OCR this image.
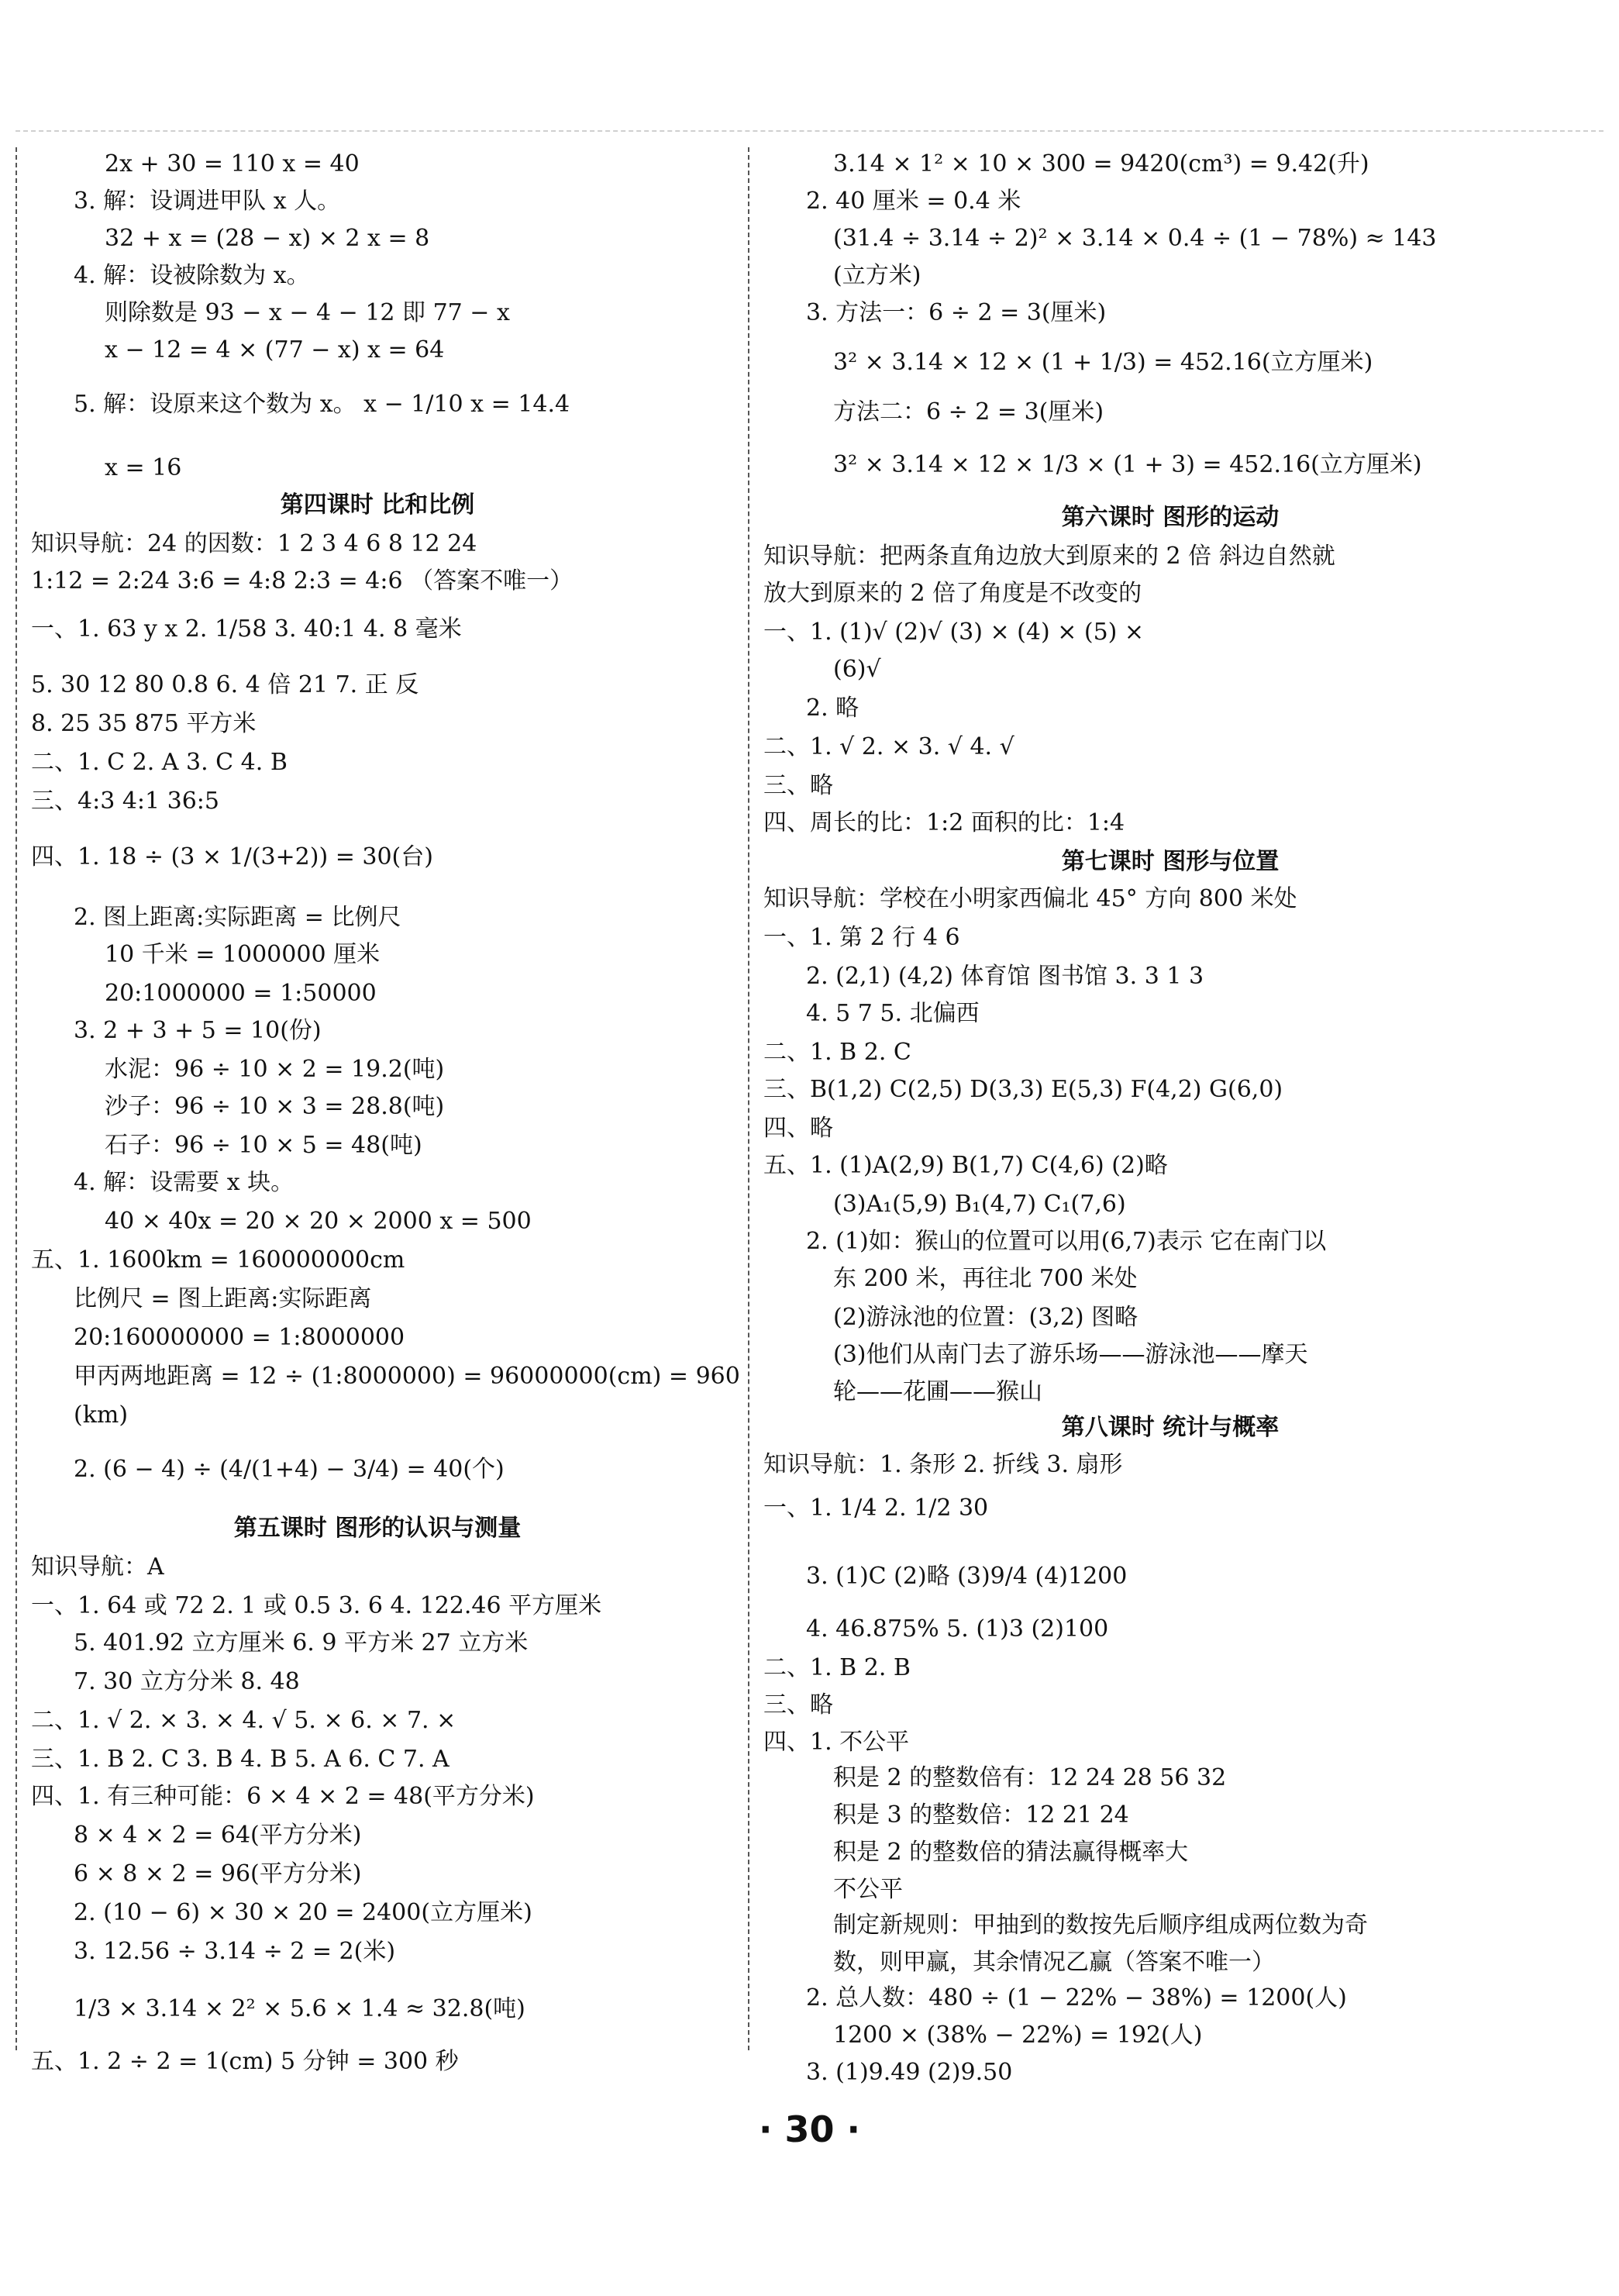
2x + 30 = 110 x = 40
3. 解：设调进甲队 x 人。
32 + x = (28 − x) × 2 x = 8
4. 解：设被除数为 x。
则除数是 93 − x − 4 − 12 即 77 − x
x − 12 = 4 × (77 − x) x = 64
5. 解：设原来这个数为 x。 x − 1/10 x = 14.4
x = 16
第四课时 比和比例
知识导航：24 的因数：1 2 3 4 6 8 12 24
1:12 = 2:24 3:6 = 4:8 2:3 = 4:6 （答案不唯一）
一、1. 63 y x 2. 1/58 3. 40:1 4. 8 毫米
5. 30 12 80 0.8 6. 4 倍 21 7. 正 反
8. 25 35 875 平方米
二、1. C 2. A 3. C 4. B
三、4:3 4:1 36:5
四、1. 18 ÷ (3 × 1/(3+2)) = 30(台)
2. 图上距离:实际距离 = 比例尺
10 千米 = 1000000 厘米
20:1000000 = 1:50000
3. 2 + 3 + 5 = 10(份)
水泥：96 ÷ 10 × 2 = 19.2(吨)
沙子：96 ÷ 10 × 3 = 28.8(吨)
石子：96 ÷ 10 × 5 = 48(吨)
4. 解：设需要 x 块。
40 × 40x = 20 × 20 × 2000 x = 500
五、1. 1600km = 160000000cm
比例尺 = 图上距离:实际距离
20:160000000 = 1:8000000
甲丙两地距离 = 12 ÷ (1:8000000) = 96000000(cm) = 960
(km)
2. (6 − 4) ÷ (4/(1+4) − 3/4) = 40(个)
第五课时 图形的认识与测量
知识导航：A
一、1. 64 或 72 2. 1 或 0.5 3. 6 4. 122.46 平方厘米
5. 401.92 立方厘米 6. 9 平方米 27 立方米
7. 30 立方分米 8. 48
二、1. √ 2. × 3. × 4. √ 5. × 6. × 7. ×
三、1. B 2. C 3. B 4. B 5. A 6. C 7. A
四、1. 有三种可能：6 × 4 × 2 = 48(平方分米)
8 × 4 × 2 = 64(平方分米)
6 × 8 × 2 = 96(平方分米)
2. (10 − 6) × 30 × 20 = 2400(立方厘米)
3. 12.56 ÷ 3.14 ÷ 2 = 2(米)
1/3 × 3.14 × 2² × 5.6 × 1.4 ≈ 32.8(吨)
五、1. 2 ÷ 2 = 1(cm) 5 分钟 = 300 秒
3.14 × 1² × 10 × 300 = 9420(cm³) = 9.42(升)
2. 40 厘米 = 0.4 米
(31.4 ÷ 3.14 ÷ 2)² × 3.14 × 0.4 ÷ (1 − 78%) ≈ 143
(立方米)
3. 方法一：6 ÷ 2 = 3(厘米)
3² × 3.14 × 12 × (1 + 1/3) = 452.16(立方厘米)
方法二：6 ÷ 2 = 3(厘米)
3² × 3.14 × 12 × 1/3 × (1 + 3) = 452.16(立方厘米)
第六课时 图形的运动
知识导航：把两条直角边放大到原来的 2 倍 斜边自然就
放大到原来的 2 倍了角度是不改变的
一、1. (1)√ (2)√ (3) × (4) × (5) ×
(6)√
2. 略
二、1. √ 2. × 3. √ 4. √
三、略
四、周长的比：1:2 面积的比：1:4
第七课时 图形与位置
知识导航：学校在小明家西偏北 45° 方向 800 米处
一、1. 第 2 行 4 6
2. (2,1) (4,2) 体育馆 图书馆 3. 3 1 3
4. 5 7 5. 北偏西
二、1. B 2. C
三、B(1,2) C(2,5) D(3,3) E(5,3) F(4,2) G(6,0)
四、略
五、1. (1)A(2,9) B(1,7) C(4,6) (2)略
(3)A₁(5,9) B₁(4,7) C₁(7,6)
2. (1)如：猴山的位置可以用(6,7)表示 它在南门以
东 200 米，再往北 700 米处
(2)游泳池的位置：(3,2) 图略
(3)他们从南门去了游乐场——游泳池——摩天
轮——花圃——猴山
第八课时 统计与概率
知识导航：1. 条形 2. 折线 3. 扇形
一、1. 1/4 2. 1/2 30
3. (1)C (2)略 (3)9/4 (4)1200
4. 46.875% 5. (1)3 (2)100
二、1. B 2. B
三、略
四、1. 不公平
积是 2 的整数倍有：12 24 28 56 32
积是 3 的整数倍：12 21 24
积是 2 的整数倍的猜法赢得概率大
不公平
制定新规则：甲抽到的数按先后顺序组成两位数为奇
数，则甲赢，其余情况乙赢（答案不唯一）
2. 总人数：480 ÷ (1 − 22% − 38%) = 1200(人)
1200 × (38% − 22%) = 192(人)
3. (1)9.49 (2)9.50
· 30 ·
